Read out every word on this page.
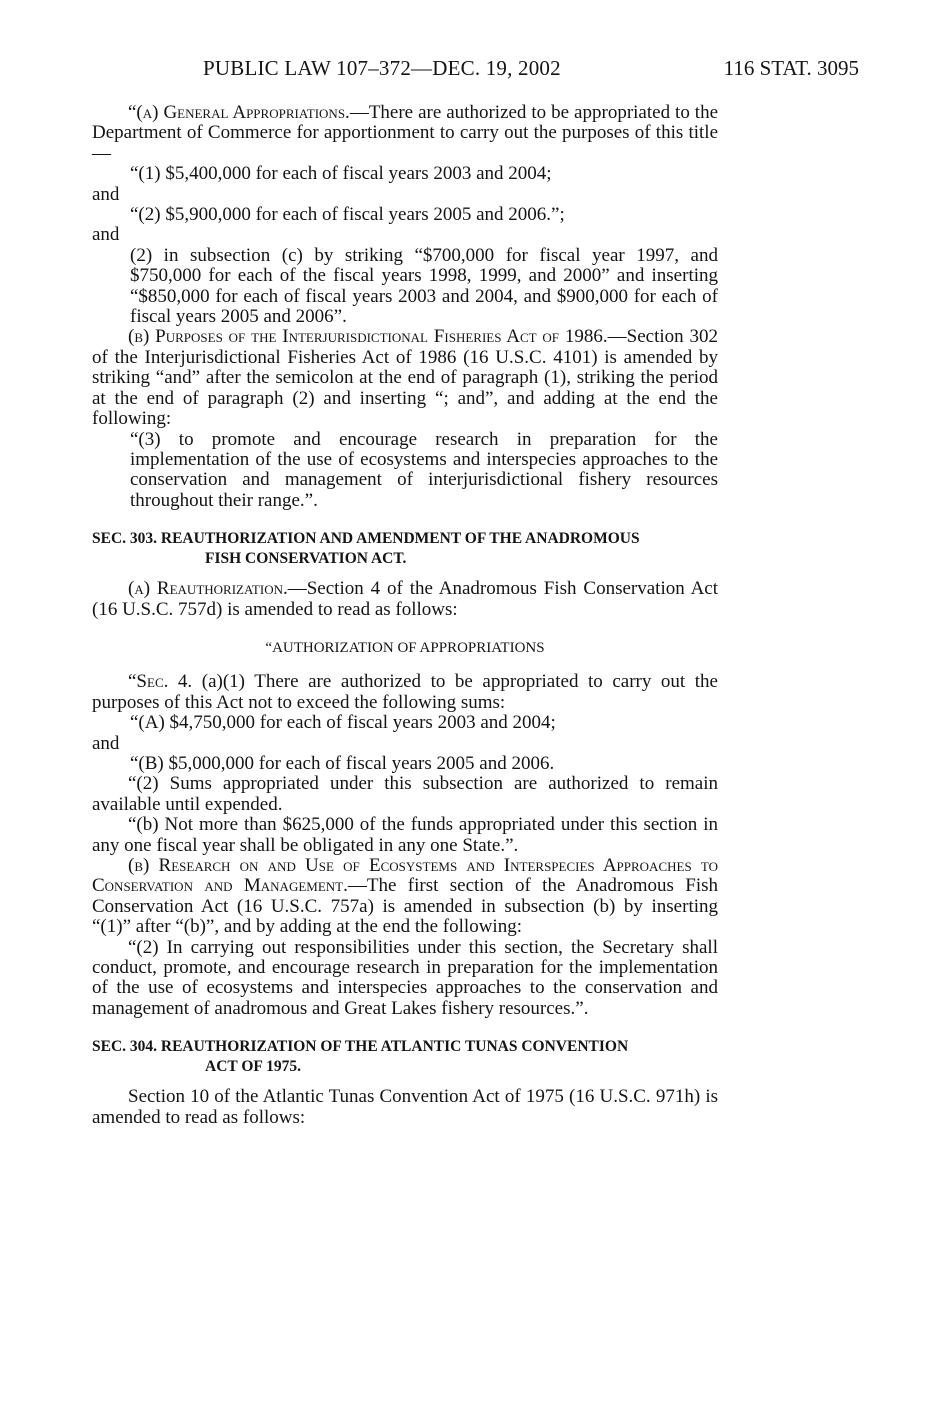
PUBLIC LAW 107–372—DEC. 19, 2002	116 STAT. 3095

“(a) General Appropriations.—There are authorized to be appropriated to the Department of Commerce for apportionment to carry out the purposes of this title—

“(1) $5,400,000 for each of fiscal years 2003 and 2004;

and

“(2) $5,900,000 for each of fiscal years 2005 and 2006.”;

and

(2) in subsection (c) by striking “$700,000 for fiscal year 1997, and $750,000 for each of the fiscal years 1998, 1999, and 2000” and inserting “$850,000 for each of fiscal years 2003 and 2004, and $900,000 for each of fiscal years 2005 and 2006”.

(b) Purposes of the Interjurisdictional Fisheries Act of 1986.—Section 302 of the Interjurisdictional Fisheries Act of 1986 (16 U.S.C. 4101) is amended by striking “and” after the semicolon at the end of paragraph (1), striking the period at the end of paragraph (2) and inserting “; and”, and adding at the end the following:

“(3) to promote and encourage research in preparation for the implementation of the use of ecosystems and interspecies approaches to the conservation and management of interjurisdictional fishery resources throughout their range.”.

SEC. 303. REAUTHORIZATION AND AMENDMENT OF THE ANADROMOUS
FISH CONSERVATION ACT.

(a) Reauthorization.—Section 4 of the Anadromous Fish Conservation Act (16 U.S.C. 757d) is amended to read as follows:

“AUTHORIZATION OF APPROPRIATIONS

“Sec. 4. (a)(1) There are authorized to be appropriated to carry out the purposes of this Act not to exceed the following sums:

“(A) $4,750,000 for each of fiscal years 2003 and 2004;

and

“(B) $5,000,000 for each of fiscal years 2005 and 2006.

“(2) Sums appropriated under this subsection are authorized to remain available until expended.

“(b) Not more than $625,000 of the funds appropriated under this section in any one fiscal year shall be obligated in any one State.”.

(b) Research on and Use of Ecosystems and Interspecies Approaches to Conservation and Management.—The first section of the Anadromous Fish Conservation Act (16 U.S.C. 757a) is amended in subsection (b) by inserting “(1)” after “(b)”, and by adding at the end the following:

“(2) In carrying out responsibilities under this section, the Secretary shall conduct, promote, and encourage research in preparation for the implementation of the use of ecosystems and interspecies approaches to the conservation and management of anadromous and Great Lakes fishery resources.”.

SEC. 304. REAUTHORIZATION OF THE ATLANTIC TUNAS CONVENTION
ACT OF 1975.

Section 10 of the Atlantic Tunas Convention Act of 1975 (16 U.S.C. 971h) is amended to read as follows:
